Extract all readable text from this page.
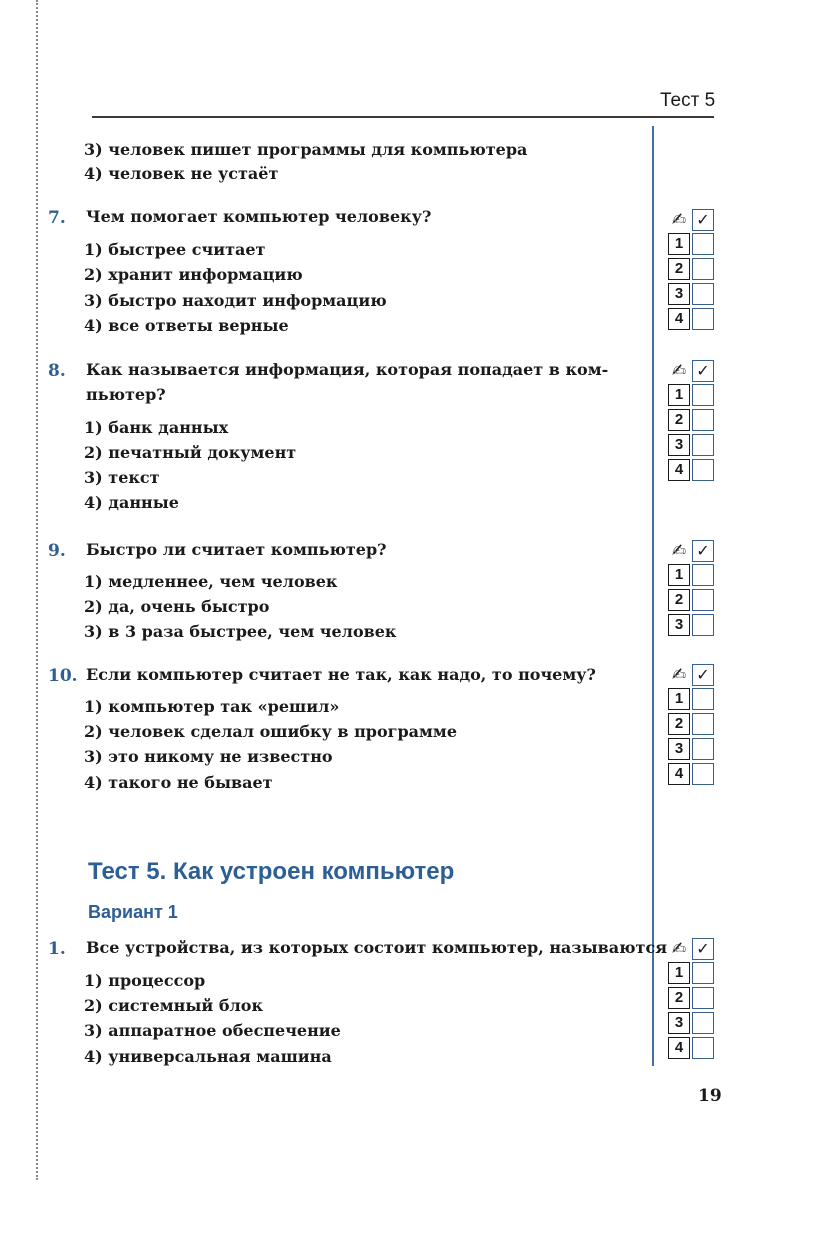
Тест 5
3) человек пишет программы для компьютера
4) человек не устаёт
7. Чем помогает компьютер человеку?
1) быстрее считает
2) хранит информацию
3) быстро находит информацию
4) все ответы верные
✍ ✓
1
2
3
4
8. Как называется информация, которая попадает в ком-
пьютер?
1) банк данных
2) печатный документ
3) текст
4) данные
✍ ✓
1
2
3
4
9. Быстро ли считает компьютер?
1) медленнее, чем человек
2) да, очень быстро
3) в 3 раза быстрее, чем человек
✍ ✓
1
2
3
10. Если компьютер считает не так, как надо, то почему?
1) компьютер так «решил»
2) человек сделал ошибку в программе
3) это никому не известно
4) такого не бывает
✍ ✓
1
2
3
4
Тест 5. Как устроен компьютер
Вариант 1
1. Все устройства, из которых состоит компьютер, называются
1) процессор
2) системный блок
3) аппаратное обеспечение
4) универсальная машина
✍ ✓
1
2
3
4
19
